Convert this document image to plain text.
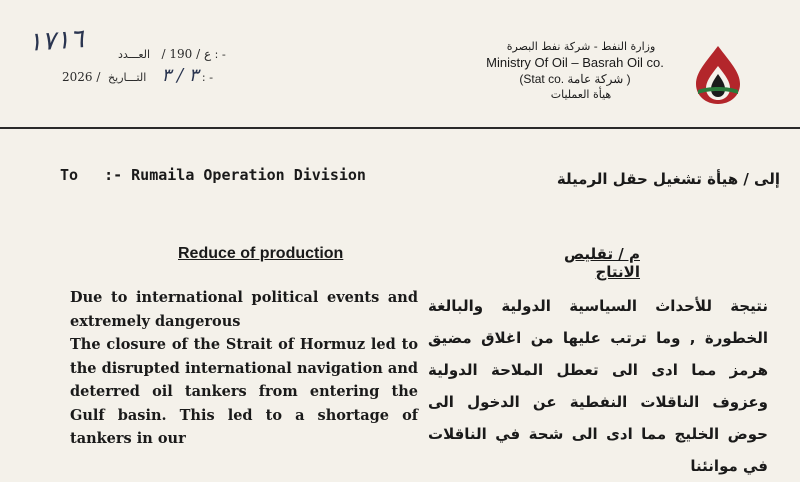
١٧١٦	ع / 190 /   العـــدد : -
2026 /	٣ / ٣    التـــاريخ : -
وزارة النفط - شركة نفط البصرة
Ministry Of Oil – Basrah Oil co.
(Stat co. شركة عامة )
هيأة العمليات
To :- Rumaila Operation Division	إلى / هيأة تشغيل حقل الرميلة
Reduce of production	م / تقليص الانتاج

Due to international political events and extremely dangerous

The closure of the Strait of Hormuz led to the disrupted international navigation and deterred oil tankers from entering the Gulf basin. This led to a shortage of tankers in our

نتيجة للأحداث السياسية الدولية والبالغة الخطورة , وما ترتب عليها من اغلاق مضيق هرمز مما ادى الى تعطل الملاحة الدولية وعزوف الناقلات النفطية عن الدخول الى حوض الخليج مما ادى الى شحة في الناقلات في موانئنا
